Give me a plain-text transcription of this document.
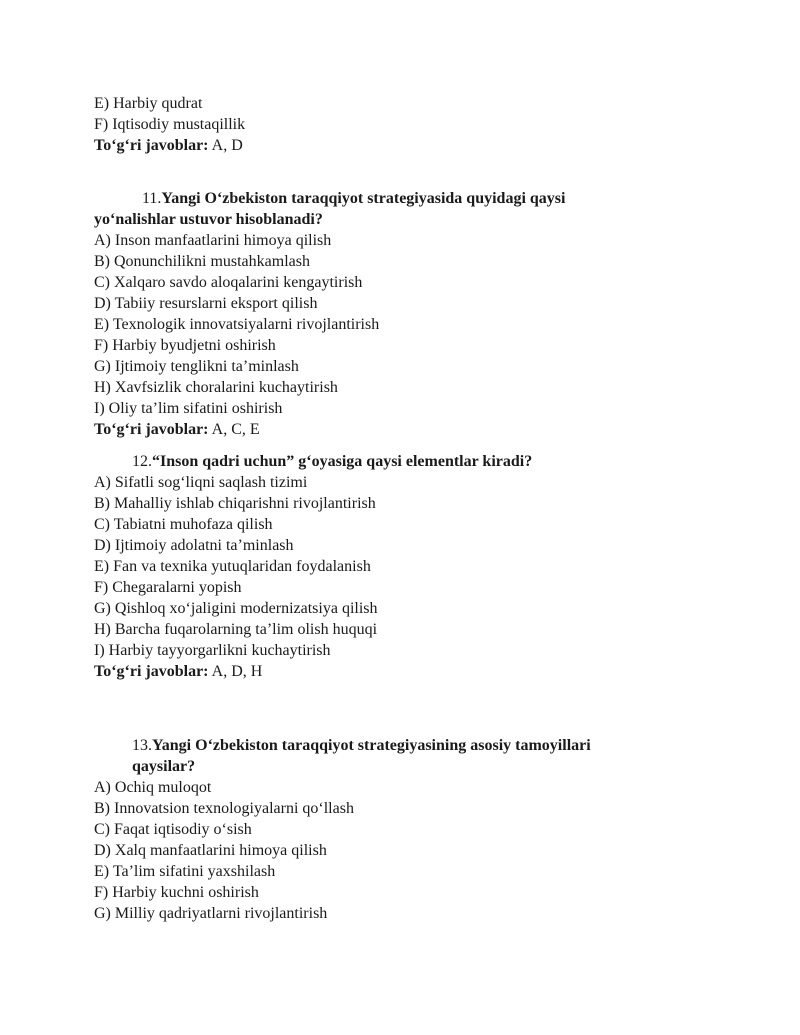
E) Harbiy qudrat
F) Iqtisodiy mustaqillik
To‘g‘ri javoblar: A, D
11.Yangi O‘zbekiston taraqqiyot strategiyasida quyidagi qaysi
yo‘nalishlar ustuvor hisoblanadi?
A) Inson manfaatlarini himoya qilish
B) Qonunchilikni mustahkamlash
C) Xalqaro savdo aloqalarini kengaytirish
D) Tabiiy resurslarni eksport qilish
E) Texnologik innovatsiyalarni rivojlantirish
F) Harbiy byudjetni oshirish
G) Ijtimoiy tenglikni ta’minlash
H) Xavfsizlik choralarini kuchaytirish
I) Oliy ta’lim sifatini oshirish
To‘g‘ri javoblar: A, C, E
12.“Inson qadri uchun” g‘oyasiga qaysi elementlar kiradi?
A) Sifatli sog‘liqni saqlash tizimi
B) Mahalliy ishlab chiqarishni rivojlantirish
C) Tabiatni muhofaza qilish
D) Ijtimoiy adolatni ta’minlash
E) Fan va texnika yutuqlaridan foydalanish
F) Chegaralarni yopish
G) Qishloq xo‘jaligini modernizatsiya qilish
H) Barcha fuqarolarning ta’lim olish huquqi
I) Harbiy tayyorgarlikni kuchaytirish
To‘g‘ri javoblar: A, D, H
13.Yangi O‘zbekiston taraqqiyot strategiyasining asosiy tamoyillari
qaysilar?
A) Ochiq muloqot
B) Innovatsion texnologiyalarni qo‘llash
C) Faqat iqtisodiy o‘sish
D) Xalq manfaatlarini himoya qilish
E) Ta’lim sifatini yaxshilash
F) Harbiy kuchni oshirish
G) Milliy qadriyatlarni rivojlantirish
